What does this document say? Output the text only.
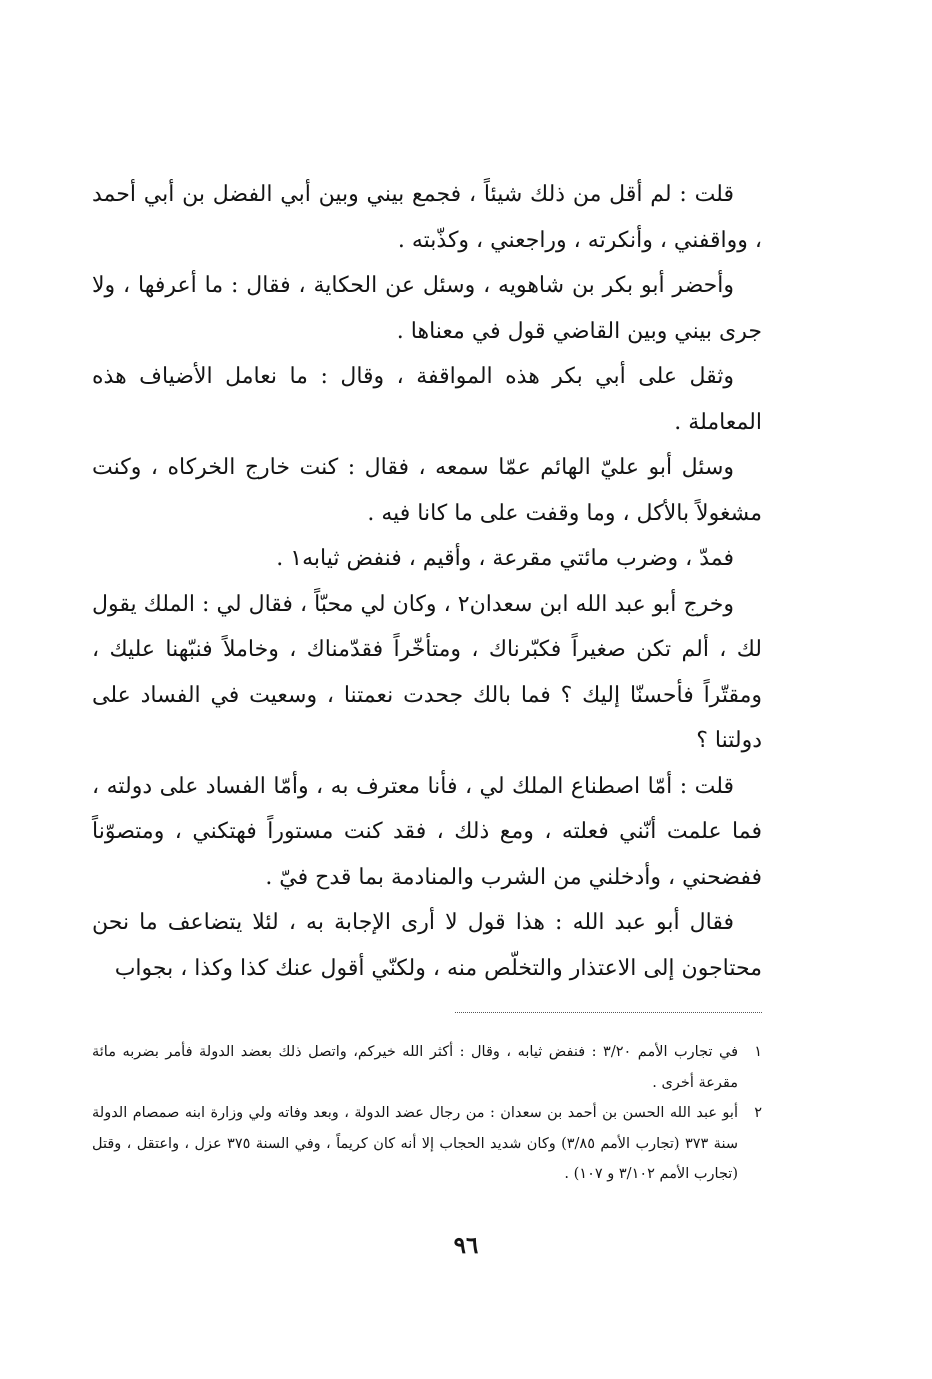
قلت : لم أقل من ذلك شيئاً ، فجمع بيني وبين أبي الفضل بن أبي أحمد ، وواقفني ، وأنكرته ، وراجعني ، وكذّبته .

وأحضر أبو بكر بن شاهويه ، وسئل عن الحكاية ، فقال : ما أعرفها ، ولا جرى بيني وبين القاضي قول في معناها .

وثقل على أبي بكر هذه المواقفة ، وقال : ما نعامل الأضياف هذه المعاملة .

وسئل أبو عليّ الهائم عمّا سمعه ، فقال : كنت خارج الخركاه ، وكنت مشغولاً بالأكل ، وما وقفت على ما كانا فيه .

فمدّ ، وضرب مائتي مقرعة ، وأقيم ، فنفض ثيابه١ .

وخرج أبو عبد الله ابن سعدان٢ ، وكان لي محبّاً ، فقال لي : الملك يقول لك ، ألم تكن صغيراً فكبّرناك ، ومتأخّراً فقدّمناك ، وخاملاً فنبّهنا عليك ، ومقتّراً فأحسنّا إليك ؟ فما بالك جحدت نعمتنا ، وسعيت في الفساد على دولتنا ؟

قلت : أمّا اصطناع الملك لي ، فأنا معترف به ، وأمّا الفساد على دولته ، فما علمت أنّني فعلته ، ومع ذلك ، فقد كنت مستوراً فهتكني ، ومتصوّناً ففضحني ، وأدخلني من الشرب والمنادمة بما قدح فيّ .

فقال أبو عبد الله : هذا قول لا أرى الإجابة به ، لئلا يتضاعف ما نحن محتاجون إلى الاعتذار والتخلّص منه ، ولكنّي أقول عنك كذا وكذا ، بجواب

١
في تجارب الأمم ٣/٢٠ : فنفض ثيابه ، وقال : أكثر الله خيركم، واتصل ذلك بعضد الدولة فأمر بضربه مائة مقرعة أخرى .
٢
أبو عبد الله الحسن بن أحمد بن سعدان : من رجال عضد الدولة ، وبعد وفاته ولي وزارة ابنه صمصام الدولة سنة ٣٧٣ (تجارب الأمم ٣/٨٥) وكان شديد الحجاب إلا أنه كان كريماً ، وفي السنة ٣٧٥ عزل ، واعتقل ، وقتل (تجارب الأمم ٣/١٠٢ و ١٠٧) .
٩٦
